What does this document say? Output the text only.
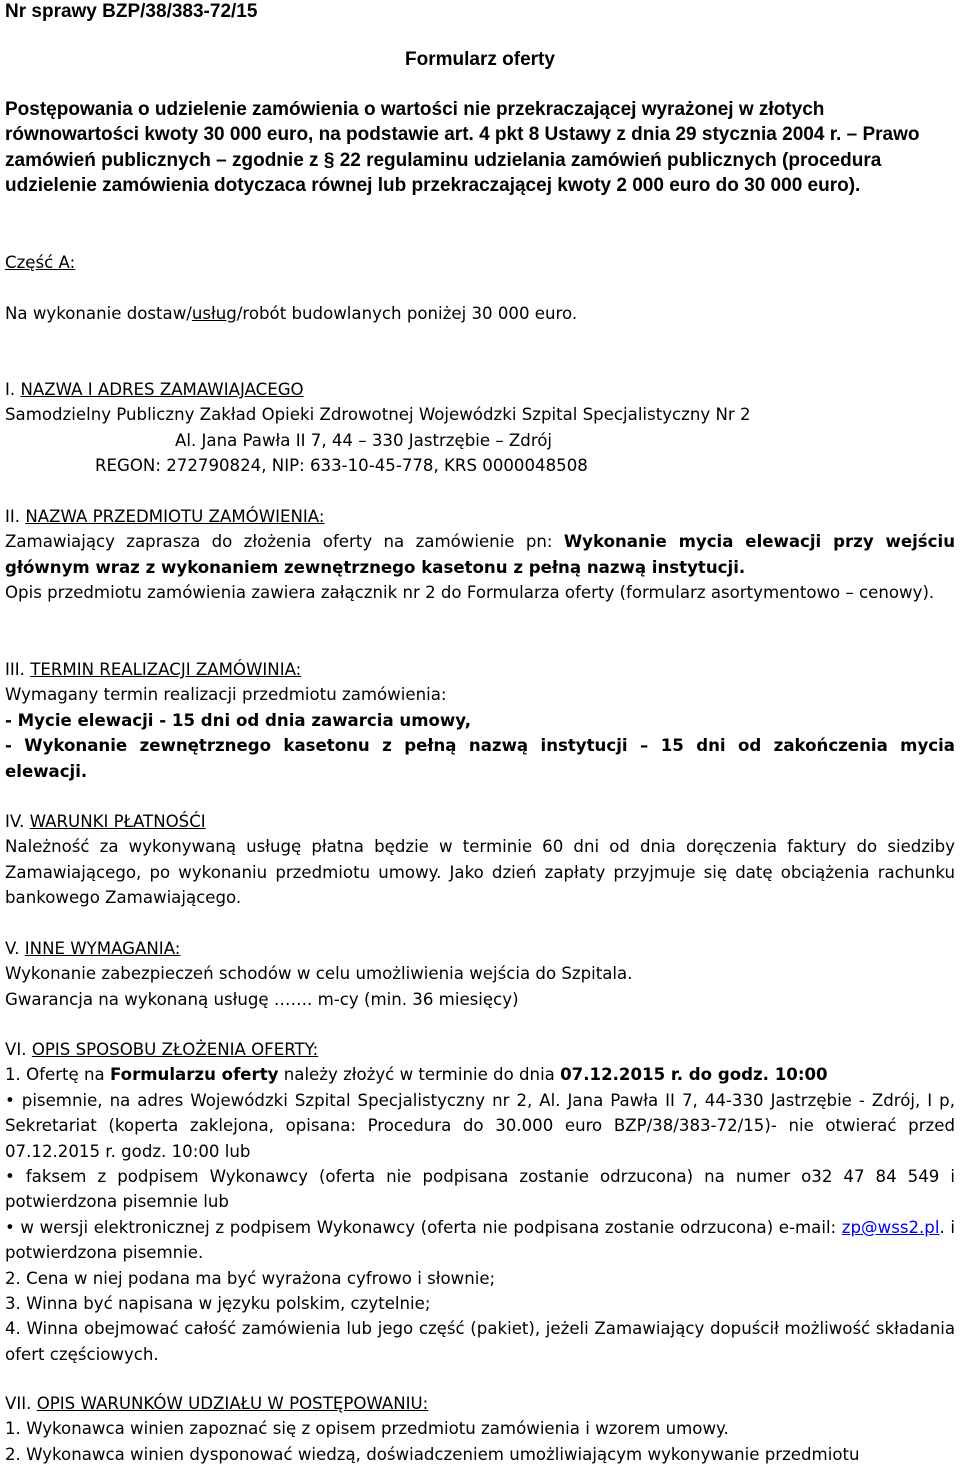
Nr sprawy BZP/38/383-72/15
Formularz oferty

Postępowania o udzielenie zamówienia o wartości nie przekraczającej wyrażonej w złotych równowartości kwoty 30 000 euro, na podstawie art. 4 pkt 8 Ustawy z dnia 29 stycznia 2004 r. – Prawo zamówień publicznych – zgodnie z § 22 regulaminu udzielania zamówień publicznych (procedura udzielenie zamówienia dotyczaca równej lub przekraczającej kwoty 2 000 euro do 30 000 euro).

Część A:

Na wykonanie dostaw/usług/robót budowlanych poniżej 30 000 euro.

I. NAZWA I ADRES ZAMAWIAJACEGO

Samodzielny Publiczny Zakład Opieki Zdrowotnej Wojewódzki Szpital Specjalistyczny Nr 2

Al. Jana Pawła II 7, 44 – 330 Jastrzębie – Zdrój

REGON: 272790824, NIP: 633-10-45-778, KRS 0000048508

II. NAZWA PRZEDMIOTU ZAMÓWIENIA:

Zamawiający zaprasza do złożenia oferty na zamówienie pn: Wykonanie mycia elewacji przy wejściu głównym wraz z wykonaniem zewnętrznego kasetonu z pełną nazwą instytucji.

Opis przedmiotu zamówienia zawiera załącznik nr 2 do Formularza oferty (formularz asortymentowo – cenowy).

III. TERMIN REALIZACJI ZAMÓWINIA:

Wymagany termin realizacji przedmiotu zamówienia:

- Mycie elewacji - 15 dni od dnia zawarcia umowy,

- Wykonanie zewnętrznego kasetonu z pełną nazwą instytucji – 15 dni od zakończenia mycia elewacji.

IV. WARUNKI PŁATNOŚĆI

Należność za wykonywaną usługę płatna będzie w terminie 60 dni od dnia doręczenia faktury do siedziby Zamawiającego, po wykonaniu przedmiotu umowy. Jako dzień zapłaty przyjmuje się datę obciążenia rachunku bankowego Zamawiającego.

V. INNE WYMAGANIA:

Wykonanie zabezpieczeń schodów w celu umożliwienia wejścia do Szpitala.

Gwarancja na wykonaną usługę ……. m-cy (min. 36 miesięcy)

VI. OPIS SPOSOBU ZŁOŻENIA OFERTY:

1. Ofertę na Formularzu oferty należy złożyć w terminie do dnia 07.12.2015 r. do godz. 10:00

• pisemnie, na adres Wojewódzki Szpital Specjalistyczny nr 2, Al. Jana Pawła II 7, 44-330 Jastrzębie - Zdrój, I p, Sekretariat (koperta zaklejona, opisana: Procedura do 30.000 euro BZP/38/383-72/15)- nie otwierać przed 07.12.2015 r. godz. 10:00 lub

• faksem z podpisem Wykonawcy (oferta nie podpisana zostanie odrzucona) na numer o32 47 84 549 i potwierdzona pisemnie lub

• w wersji elektronicznej z podpisem Wykonawcy (oferta nie podpisana zostanie odrzucona) e-mail: zp@wss2.pl. i potwierdzona pisemnie.

2. Cena w niej podana ma być wyrażona cyfrowo i słownie;

3. Winna być napisana w języku polskim, czytelnie;

4. Winna obejmować całość zamówienia lub jego część (pakiet), jeżeli Zamawiający dopuścił możliwość składania ofert częściowych.

VII. OPIS WARUNKÓW UDZIAŁU W POSTĘPOWANIU:

1. Wykonawca winien zapoznać się z opisem przedmiotu zamówienia i wzorem umowy.

2. Wykonawca winien dysponować wiedzą, doświadczeniem umożliwiającym wykonywanie przedmiotu
